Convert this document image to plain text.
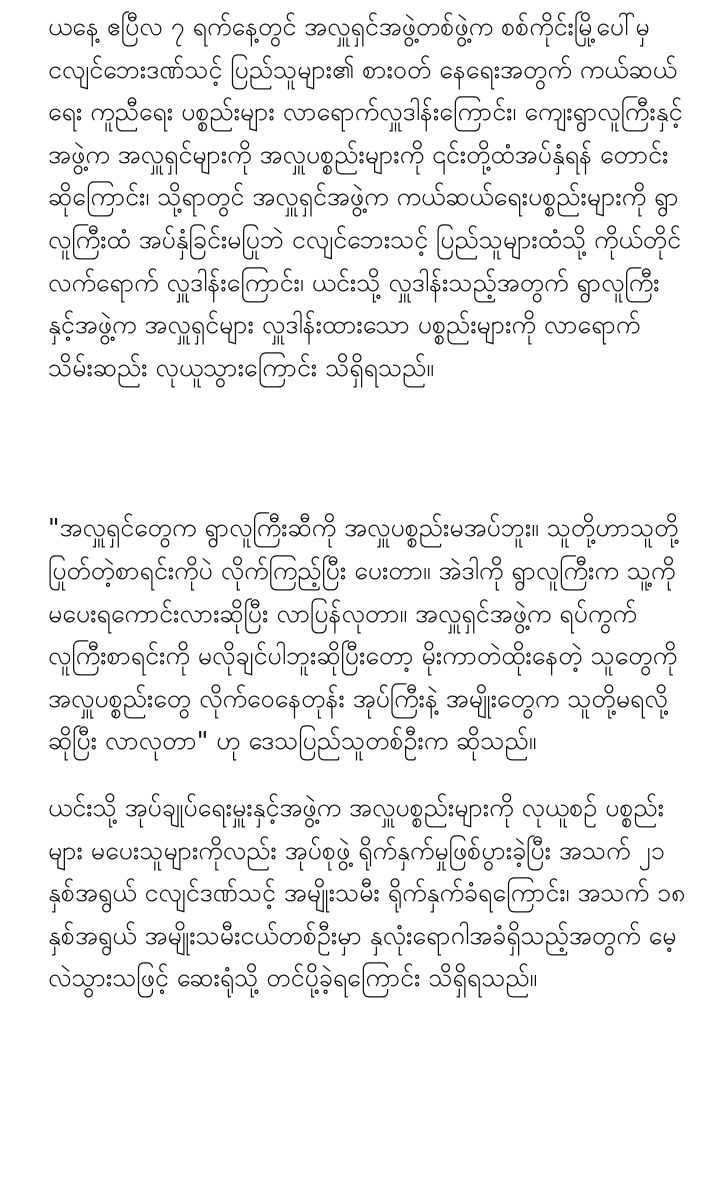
ယနေ့ ဧပြီလ ၇ ရက်နေ့တွင် အလှူရှင်အဖွဲ့တစ်ဖွဲ့က စစ်ကိုင်းမြို့ပေါ်မှ ငလျင်ဘေးဒဏ်သင့် ပြည်သူများ၏ စားဝတ် နေရေးအတွက် ကယ်ဆယ်ရေး ကူညီရေး ပစ္စည်းများ လာရောက်လှူဒါန်းကြောင်း၊ ကျေးရွာလူကြီးနှင့်အဖွဲ့က အလှူရှင်များကို အလှူပစ္စည်းများကို ၎င်းတို့ထံအပ်နှံရန် တောင်းဆိုကြောင်း၊ သို့ရာတွင် အလှူရှင်အဖွဲ့က ကယ်ဆယ်ရေးပစ္စည်းများကို ရွာလူကြီးထံ အပ်နှံခြင်းမပြုဘဲ ငလျင်ဘေးသင့် ပြည်သူများထံသို့ ကိုယ်တိုင် လက်ရောက် လှူဒါန်းကြောင်း၊ ယင်းသို့ လှူဒါန်းသည့်အတွက် ရွာလူကြီးနှင့်အဖွဲ့က အလှူရှင်များ လှူဒါန်းထားသော ပစ္စည်းများကို လာရောက် သိမ်းဆည်း လုယူသွားကြောင်း သိရှိရသည်။

"အလှူရှင်တွေက ရွာလူကြီးဆီကို အလှူပစ္စည်းမအပ်ဘူး။ သူတို့ဟာသူတို့ ပြုတ်တဲ့စာရင်းကိုပဲ လိုက်ကြည့်ပြီး ပေးတာ။ အဲဒါကို ရွာလူကြီးက သူ့ကို မပေးရကောင်းလားဆိုပြီး လာပြန်လုတာ။ အလှူရှင်အဖွဲ့က ရပ်ကွက်လူကြီးစာရင်းကို မလိုချင်ပါဘူးဆိုပြီးတော့ မိုးကာတဲထိုးနေတဲ့ သူတွေကို အလှူပစ္စည်းတွေ လိုက်ဝေနေတုန်း အုပ်ကြီးနဲ့ အမျိုးတွေက သူတို့မရလို့ဆိုပြီး လာလုတာ" ဟု ဒေသပြည်သူတစ်ဦးက ဆိုသည်။

ယင်းသို့ အုပ်ချုပ်ရေးမှူးနှင့်အဖွဲ့က အလှူပစ္စည်းများကို လုယူစဉ် ပစ္စည်းများ မပေးသူများကိုလည်း အုပ်စုဖွဲ့ ရိုက်နှက်မှုဖြစ်ပွားခဲ့ပြီး အသက် ၂၁ နှစ်အရွယ် ငလျင်ဒဏ်သင့် အမျိုးသမီး ရိုက်နှက်ခံရကြောင်း၊ အသက် ၁၈ နှစ်အရွယ် အမျိုးသမီးငယ်တစ်ဦးမှာ နှလုံးရောဂါအခံရှိသည့်အတွက် မေ့လဲသွားသဖြင့် ဆေးရုံသို့ တင်ပို့ခဲ့ရကြောင်း သိရှိရသည်။
